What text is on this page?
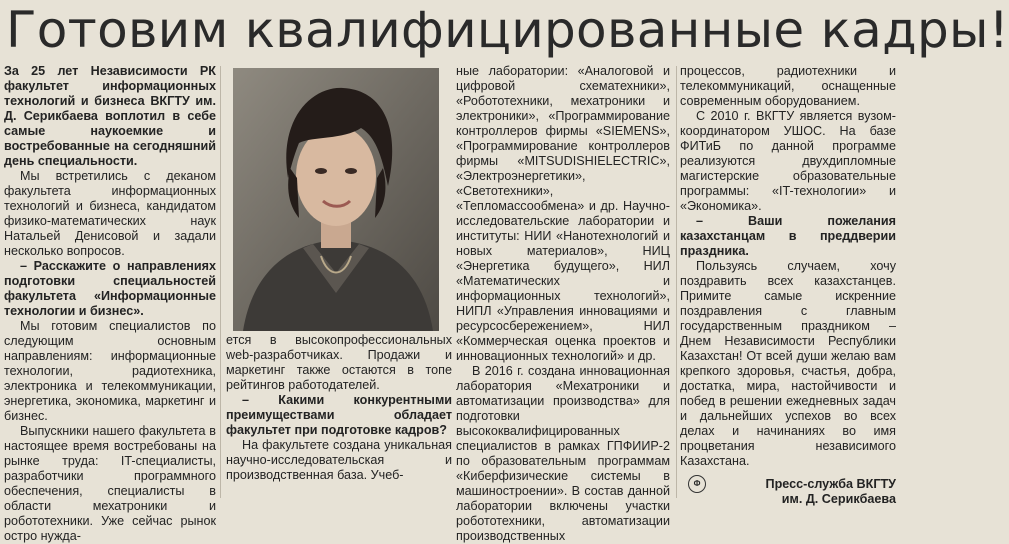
Готовим квалифицированные кадры!

За 25 лет Независимости РК факультет информационных технологий и бизнеса ВКГТУ им. Д. Серикбаева воплотил в себе самые наукоемкие и востребованные на сегодняшний день специальности.

Мы встретились с деканом факультета информационных технологий и бизнеса, кандидатом физико-математических наук Натальей Денисовой и задали несколько вопросов.

– Расскажите о направлениях подготовки специальностей факультета «Информационные технологии и бизнес».

Мы готовим специалистов по следующим основным направлениям: информационные технологии, радиотехника, электроника и телекоммуникации, энергетика, экономика, маркетинг и бизнес.

Выпускники нашего факультета в настоящее время востребованы на рынке труда: IT-специалисты, разработчики программного обеспечения, специалисты в области мехатроники и робототехники. Уже сейчас рынок остро нужда-

ется в высокопрофессиональных web-разработчиках. Продажи и маркетинг также остаются в топе рейтингов работодателей.

– Какими конкурентными преимуществами обладает факультет при подготовке кадров?

На факультете создана уникальная научно-исследовательская и производственная база. Учеб-

ные лаборатории: «Аналоговой и цифровой схематехники», «Робототехники, мехатроники и электроники», «Программирование контроллеров фирмы «SIEMENS», «Программирование контроллеров фирмы «MITSUDISHIELECTRIC», «Электроэнергетики», «Светотехники», «Тепломассообмена» и др. Научно-исследовательские лаборатории и институты: НИИ «Нанотехнологий и новых материалов», НИЦ «Энергетика будущего», НИЛ «Математических и информационных технологий», НИПЛ «Управления инновациями и ресурсосбережением», НИЛ «Коммерческая оценка проектов и инновационных технологий» и др.

В 2016 г. создана инновационная лаборатория «Мехатроники и автоматизации производства» для подготовки высококвалифицированных специалистов в рамках ГПФИИР-2 по образовательным программам «Киберфизические системы в машиностроении». В состав данной лаборатории включены участки робототехники, автоматизации производственных

процессов, радиотехники и телекоммуникаций, оснащенные современным оборудованием.

С 2010 г. ВКГТУ является вузом-координатором УШОС. На базе ФИТиБ по данной программе реализуются двухдипломные магистерские образовательные программы: «IT-технологии» и «Экономика».

– Ваши пожелания казахстанцам в преддверии праздника.

Пользуясь случаем, хочу поздравить всех казахстанцев. Примите самые искренние поздравления с главным государственным праздником – Днем Независимости Республики Казахстан! От всей души желаю вам крепкого здоровья, счастья, добра, достатка, мира, настойчивости и побед в решении ежедневных задач и дальнейших успехов во всех делах и начинаниях во имя процветания независимого Казахстана.

Ф	Пресс-служба ВКГТУ
им. Д. Серикбаева
